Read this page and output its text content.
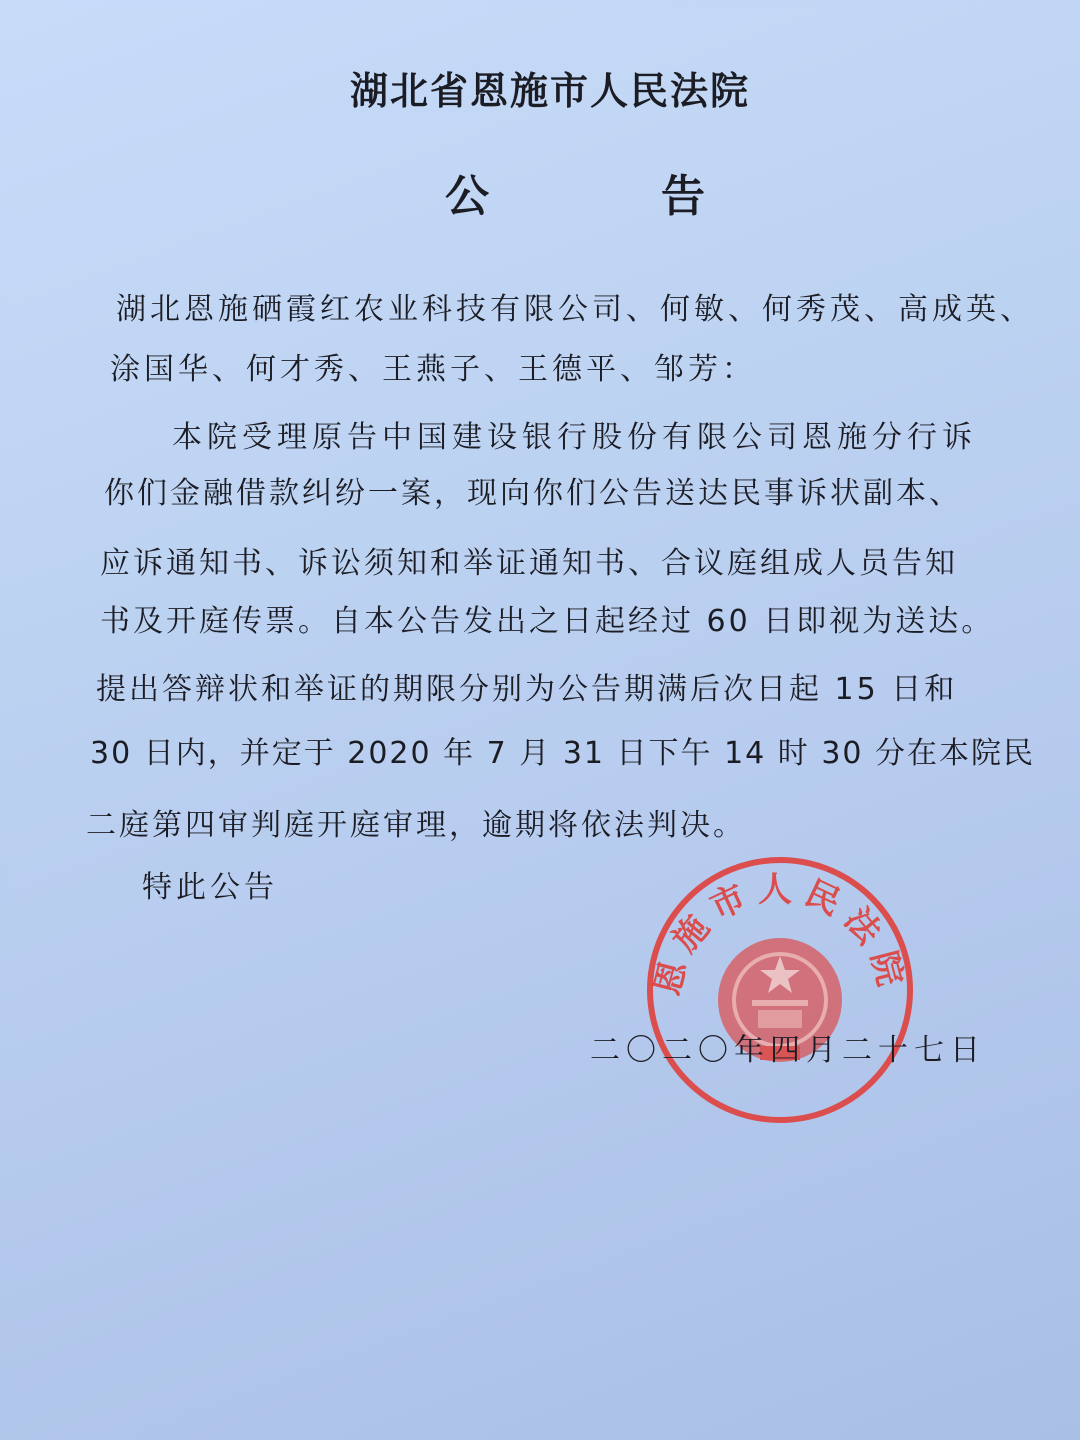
湖北省恩施市人民法院
公	告
湖北恩施硒霞红农业科技有限公司、何敏、何秀茂、高成英、
涂国华、何才秀、王燕子、王德平、邹芳：
本院受理原告中国建设银行股份有限公司恩施分行诉
你们金融借款纠纷一案，现向你们公告送达民事诉状副本、
应诉通知书、诉讼须知和举证通知书、合议庭组成人员告知
书及开庭传票。自本公告发出之日起经过 60 日即视为送达。
提出答辩状和举证的期限分别为公告期满后次日起 15 日和
30 日内，并定于 2020 年 7 月 31 日下午 14 时 30 分在本院民
二庭第四审判庭开庭审理，逾期将依法判决。
特此公告
恩施市人民法院
二〇二〇年四月二十七日
